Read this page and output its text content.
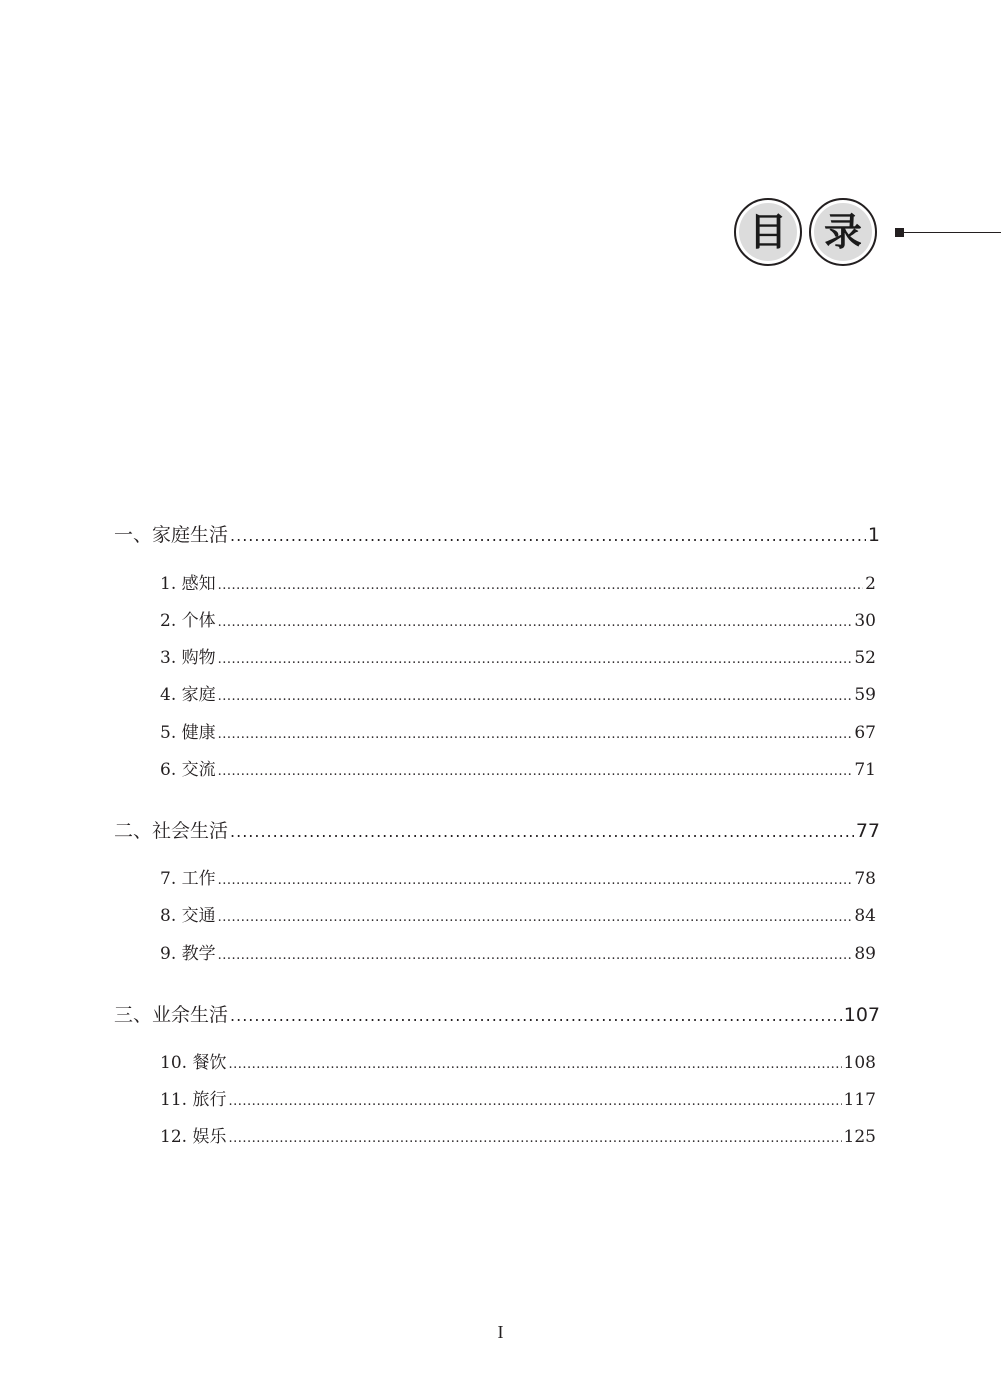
目 录
一、家庭生活 .....	1
1. 感知 .....	2
2. 个体 .....	30
3. 购物 .....	52
4. 家庭 .....	59
5. 健康 .....	67
6. 交流 .....	71
二、社会生活 .....	77
7. 工作 .....	78
8. 交通 .....	84
9. 教学 .....	89
三、业余生活 .....	107
10. 餐饮 .....	108
11. 旅行 .....	117
12. 娱乐 .....	125
I
